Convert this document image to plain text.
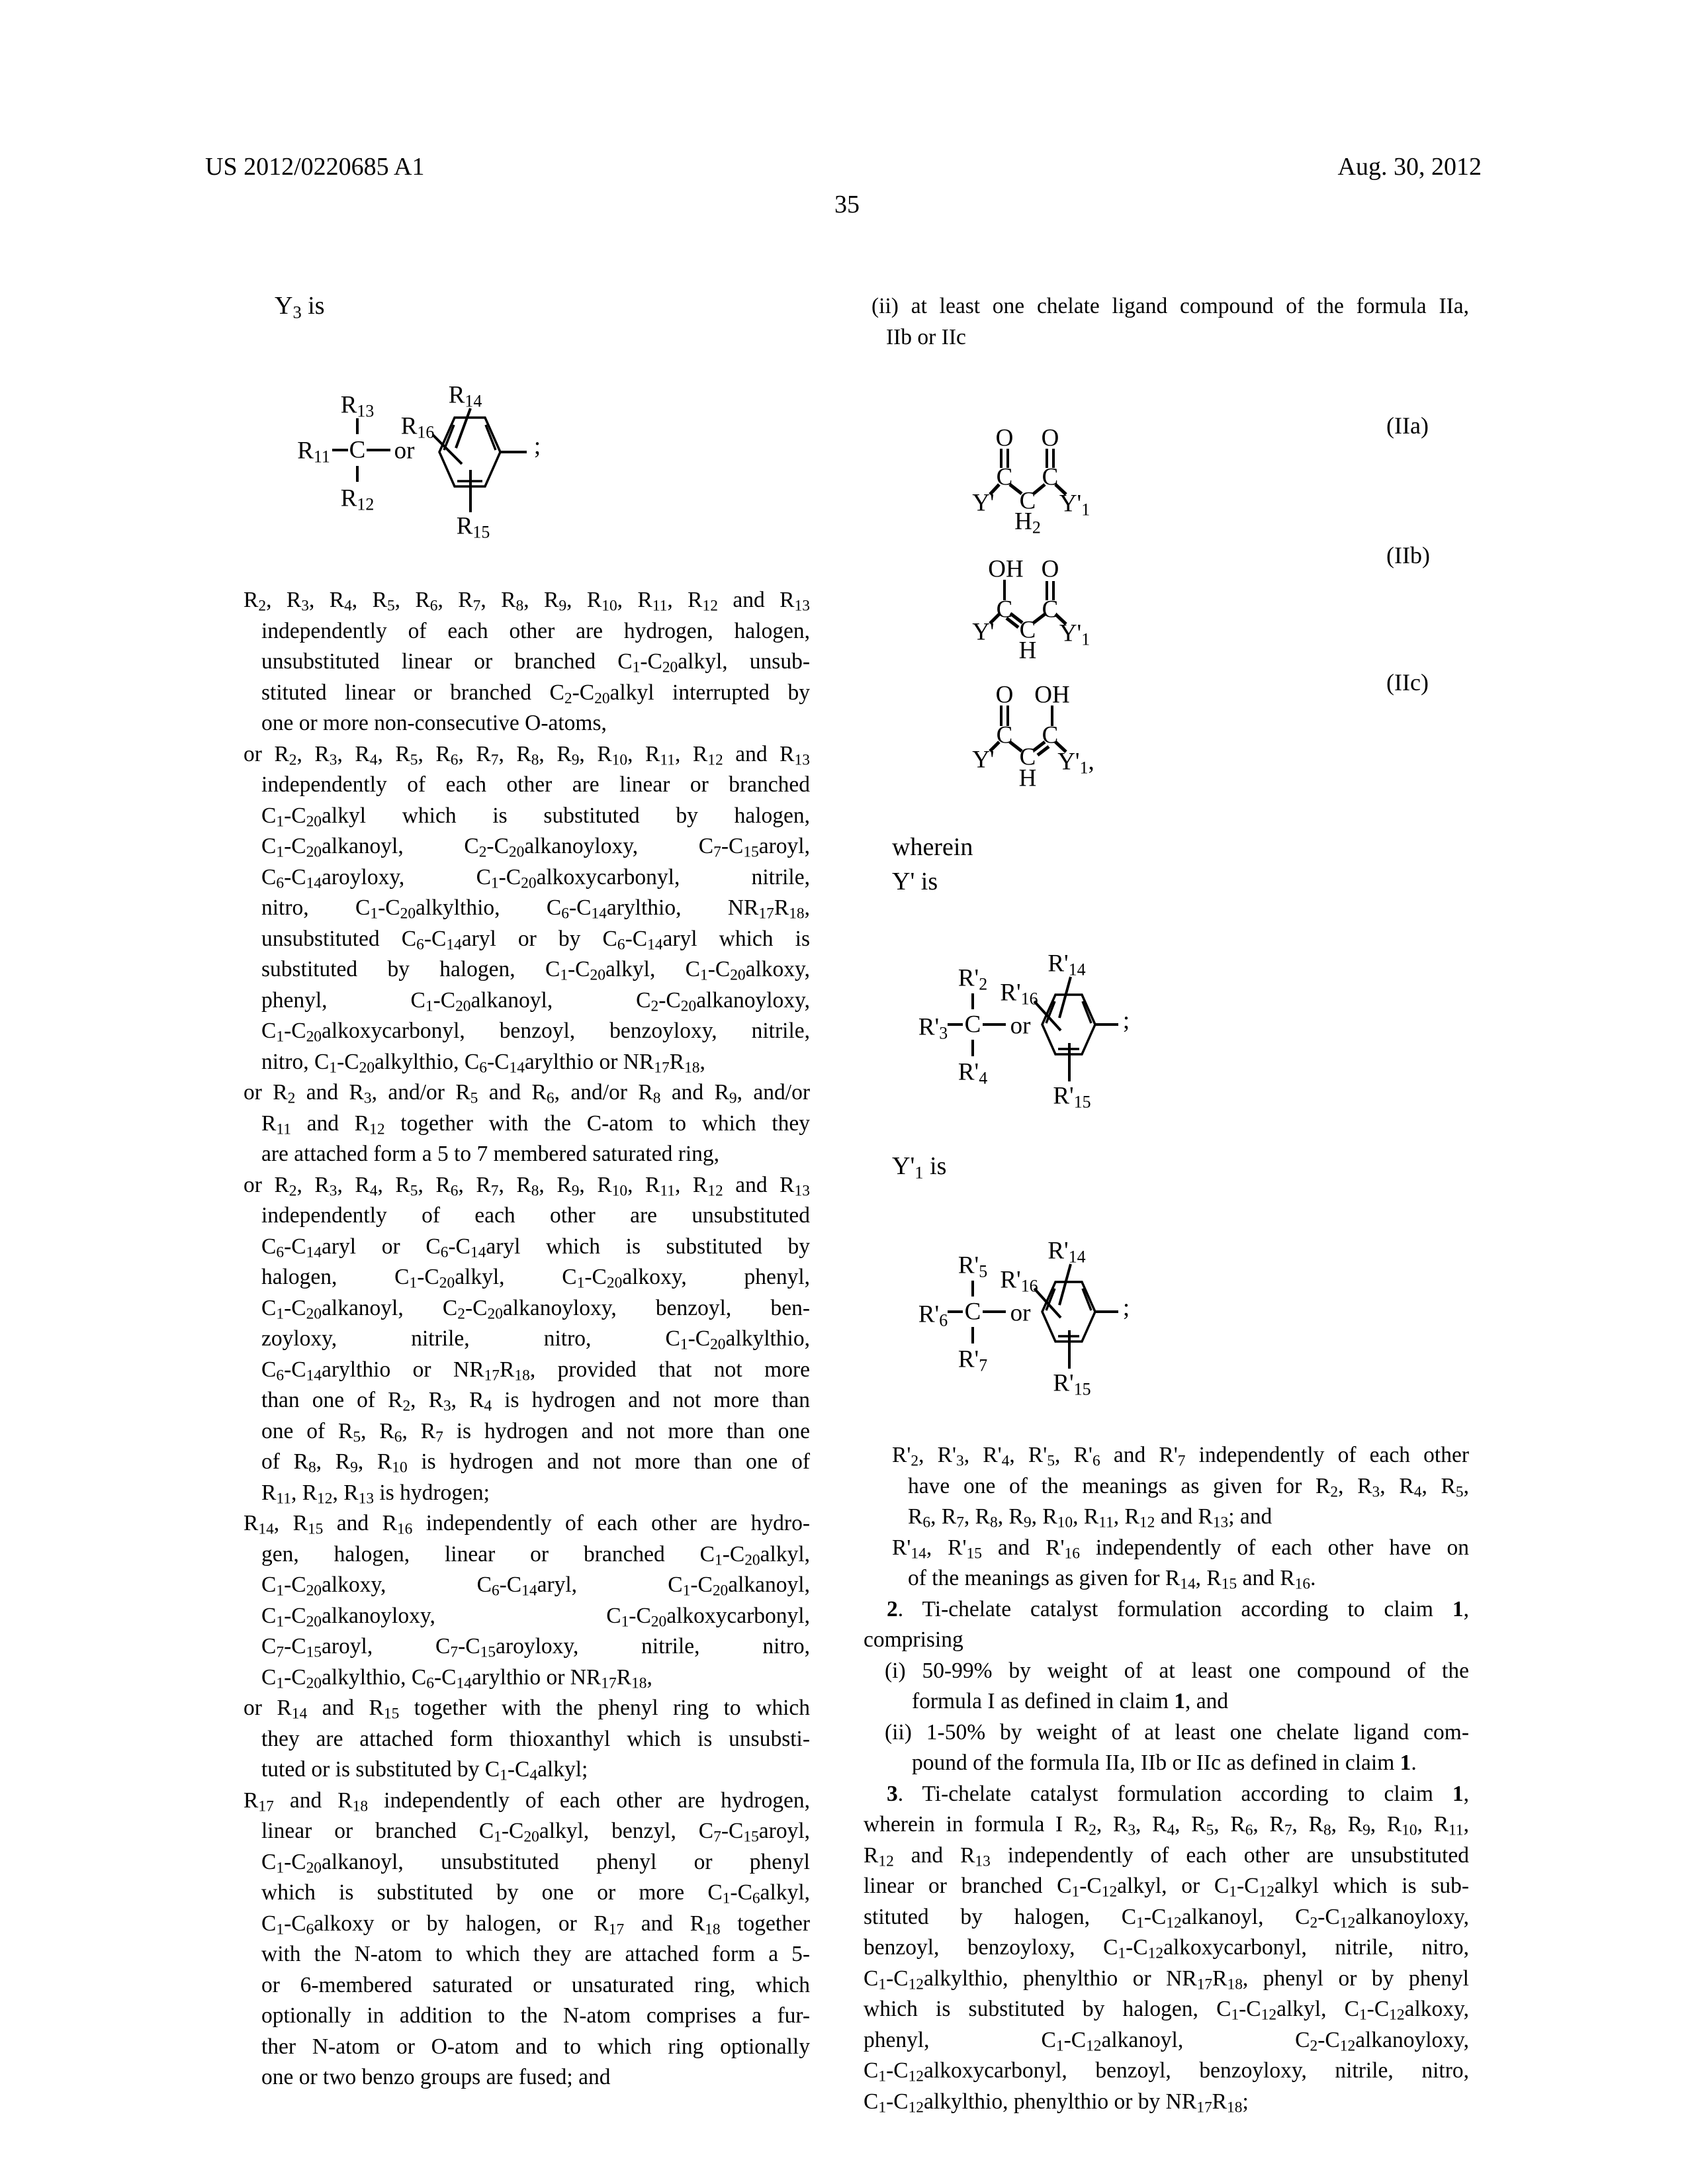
US 2012/0220685 A1	Aug. 30, 2012
35
$Y_3$ is
$R_{13}$
$R_{11}$ C
$R_{12}$
or
$R_{16}$
$R_{14}$
$R_{15}$
;
$R_2$, $R_3$, $R_4$, $R_5$, $R_6$, $R_7$, $R_8$, $R_9$, $R_{10}$, $R_{11}$, $R_{12}$ and $R_{13}$
independently of each other are hydrogen, halogen,
unsubstituted linear or branched $C_1-C_{20}alkyl$, unsub-
stituted linear or branched $C_2-C_{20}alkyl$ interrupted by
one or more non-consecutive O-atoms,
or $R_2$, $R_3$, $R_4$, $R_5$, $R_6$, $R_7$, $R_8$, $R_9$, $R_{10}$, $R_{11}$, $R_{12}$ and $R_{13}$
independently of each other are linear or branched
$C_1-C_{20}alkyl$ which is substituted by halogen,
$C_1-C_{20}alkanoyl$, $C_2-C_{20}alkanoyloxy$, $C_7-C_{15}aroyl$,
$C_6-C_{14}aroyloxy$, $C_1-C_{20}alkoxycarbonyl$, nitrile,
nitro, $C_1-C_{20}alkylthio$, $C_6-C_{14}arylthio$, $NR_{17}R_{18}$,
unsubstituted $C_6-C_{14}aryl$ or by $C_6-C_{14}aryl$ which is
substituted by halogen, $C_1-C_{20}alkyl$, $C_1-C_{20}alkoxy$,
phenyl, $C_1-C_{20}alkanoyl$, $C_2-C_{20}alkanoyloxy$,
$C_1-C_{20}alkoxycarbonyl$, benzoyl, benzoyloxy, nitrile,
nitro, $C_1-C_{20}alkylthio$, $C_6-C_{14}arylthio$ or $NR_{17}R_{18}$,
or $R_2$ and $R_3$, and/or $R_5$ and $R_6$, and/or $R_8$ and $R_9$, and/or
$R_{11}$ and $R_{12}$ together with the C-atom to which they
are attached form a 5 to 7 membered saturated ring,
or $R_2$, $R_3$, $R_4$, $R_5$, $R_6$, $R_7$, $R_8$, $R_9$, $R_{10}$, $R_{11}$, $R_{12}$ and $R_{13}$
independently of each other are unsubstituted
$C_6-C_{14}aryl$ or $C_6-C_{14}aryl$ which is substituted by
halogen, $C_1-C_{20}alkyl$, $C_1-C_{20}alkoxy$, phenyl,
$C_1-C_{20}alkanoyl$, $C_2-C_{20}alkanoyloxy$, benzoyl, ben-
zoyloxy, nitrile, nitro, $C_1-C_{20}alkylthio$,
$C_6-C_{14}arylthio$ or $NR_{17}R_{18}$, provided that not more
than one of $R_2$, $R_3$, $R_4$ is hydrogen and not more than
one of $R_5$, $R_6$, $R_7$ is hydrogen and not more than one
of $R_8$, $R_9$, $R_{10}$ is hydrogen and not more than one of
$R_{11}$, $R_{12}$, $R_{13}$ is hydrogen;
$R_{14}$, $R_{15}$ and $R_{16}$ independently of each other are hydro-
gen, halogen, linear or branched $C_1-C_{20}alkyl$,
$C_1-C_{20}alkoxy$, $C_6-C_{14}aryl$, $C_1-C_{20}alkanoyl$,
$C_1-C_{20}alkanoyloxy$, $C_1-C_{20}alkoxycarbonyl$,
$C_7-C_{15}aroyl$, $C_7-C_{15}aroyloxy$, nitrile, nitro,
$C_1-C_{20}alkylthio$, $C_6-C_{14}arylthio$ or $NR_{17}R_{18}$,
or $R_{14}$ and $R_{15}$ together with the phenyl ring to which
they are attached form thioxanthyl which is unsubsti-
tuted or is substituted by $C_1-C_4alkyl$;
$R_{17}$ and $R_{18}$ independently of each other are hydrogen,
linear or branched $C_1-C_{20}alkyl$, benzyl, $C_7-C_{15}aroyl$,
$C_1-C_{20}alkanoyl$, unsubstituted phenyl or phenyl
which is substituted by one or more $C_1-C_6alkyl$,
$C_1-C_6alkoxy$ or by halogen, or $R_{17}$ and $R_{18}$ together
with the N-atom to which they are attached form a 5-
or 6-membered saturated or unsaturated ring, which
optionally in addition to the N-atom comprises a fur-
ther N-atom or O-atom and to which ring optionally
one or two benzo groups are fused; and
(ii) at least one chelate ligand compound of the formula IIa,
IIb or IIc
(IIa)
(IIb)
(IIc)
O O
C C
C
$H_2$
Y'	$Y'_1$
OH O
C C
C
H
Y'	$Y'_1$
O OH
C C
C
H
Y'	$Y'_1$,
wherein
Y' is
$R'_2$
$R'_3$ C
$R'_4$
or
$R'_{16}$
$R'_{14}$
$R'_{15}$
;
$Y'_1$ is
$R'_5$
$R'_6$ C
$R'_7$
or
$R'_{16}$
$R'_{14}$
$R'_{15}$
;
$R'_2$, $R'_3$, $R'_4$, $R'_5$, $R'_6$ and $R'_7$ independently of each other
have one of the meanings as given for $R_2$, $R_3$, $R_4$, $R_5$,
$R_6$, $R_7$, $R_8$, $R_9$, $R_{10}$, $R_{11}$, $R_{12}$ and $R_{13}$; and
$R'_{14}$, $R'_{15}$ and $R'_{16}$ independently of each other have on
of the meanings as given for $R_{14}$, $R_{15}$ and $R_{16}$.
2. Ti-chelate catalyst formulation according to claim 1,
comprising
(i) 50-99% by weight of at least one compound of the
formula I as defined in claim 1, and
(ii) 1-50% by weight of at least one chelate ligand com-
pound of the formula IIa, IIb or IIc as defined in claim 1.
3. Ti-chelate catalyst formulation according to claim 1,
wherein in formula I $R_2$, $R_3$, $R_4$, $R_5$, $R_6$, $R_7$, $R_8$, $R_9$, $R_{10}$, $R_{11}$,
$R_{12}$ and $R_{13}$ independently of each other are unsubstituted
linear or branched $C_1-C_{12}alkyl$, or $C_1-C_{12}alkyl$ which is sub-
stituted by halogen, $C_1-C_{12}alkanoyl$, $C_2-C_{12}alkanoyloxy$,
benzoyl, benzoyloxy, $C_1-C_{12}alkoxycarbonyl$, nitrile, nitro,
$C_1-C_{12}alkylthio$, phenylthio or $NR_{17}R_{18}$, phenyl or by phenyl
which is substituted by halogen, $C_1-C_{12}alkyl$, $C_1-C_{12}alkoxy$,
phenyl, $C_1-C_{12}alkanoyl$, $C_2-C_{12}alkanoyloxy$,
$C_1-C_{12}alkoxycarbonyl$, benzoyl, benzoyloxy, nitrile, nitro,
$C_1-C_{12}alkylthio$, phenylthio or by $NR_{17}R_{18}$;
